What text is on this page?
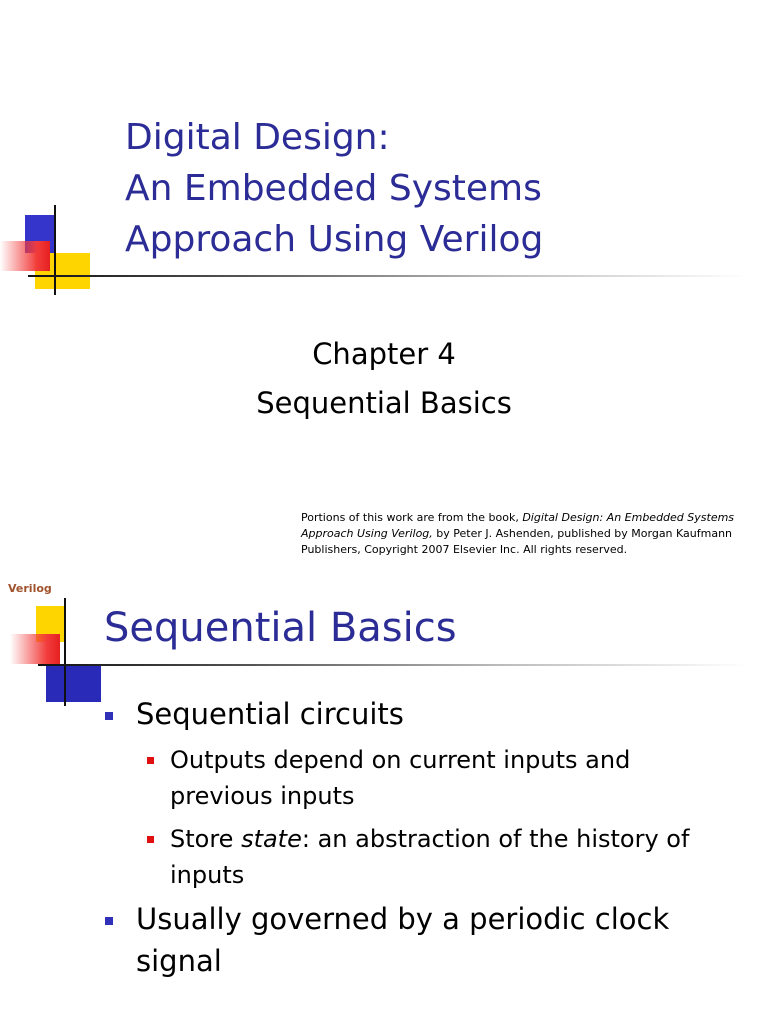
Digital Design:
An Embedded Systems
Approach Using Verilog
Chapter 4
Sequential Basics
Portions of this work are from the book, Digital Design: An Embedded Systems Approach Using Verilog, by Peter J. Ashenden, published by Morgan Kaufmann Publishers, Copyright 2007 Elsevier Inc. All rights reserved.
Verilog
Sequential Basics
Sequential circuits
Outputs depend on current inputs and
previous inputs
Store state: an abstraction of the history of
inputs
Usually governed by a periodic clock
signal
